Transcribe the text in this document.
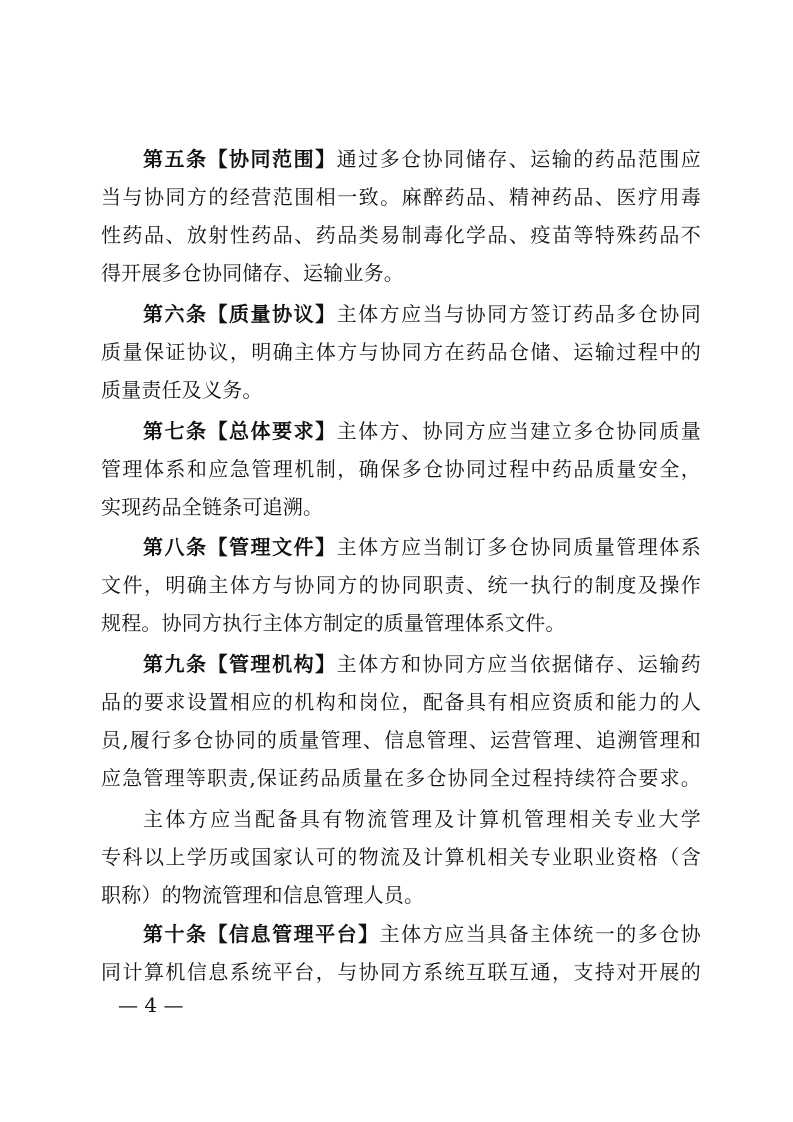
第五条【协同范围】通过多仓协同储存、运输的药品范围应
当与协同方的经营范围相一致。麻醉药品、精神药品、医疗用毒
性药品、放射性药品、药品类易制毒化学品、疫苗等特殊药品不
得开展多仓协同储存、运输业务。
第六条【质量协议】主体方应当与协同方签订药品多仓协同
质量保证协议，明确主体方与协同方在药品仓储、运输过程中的
质量责任及义务。
第七条【总体要求】主体方、协同方应当建立多仓协同质量
管理体系和应急管理机制，确保多仓协同过程中药品质量安全，
实现药品全链条可追溯。
第八条【管理文件】主体方应当制订多仓协同质量管理体系
文件，明确主体方与协同方的协同职责、统一执行的制度及操作
规程。协同方执行主体方制定的质量管理体系文件。
第九条【管理机构】主体方和协同方应当依据储存、运输药
品的要求设置相应的机构和岗位，配备具有相应资质和能力的人
员,履行多仓协同的质量管理、信息管理、运营管理、追溯管理和
应急管理等职责,保证药品质量在多仓协同全过程持续符合要求。
主体方应当配备具有物流管理及计算机管理相关专业大学
专科以上学历或国家认可的物流及计算机相关专业职业资格（含
职称）的物流管理和信息管理人员。
第十条【信息管理平台】主体方应当具备主体统一的多仓协
同计算机信息系统平台，与协同方系统互联互通，支持对开展的
— 4 —
